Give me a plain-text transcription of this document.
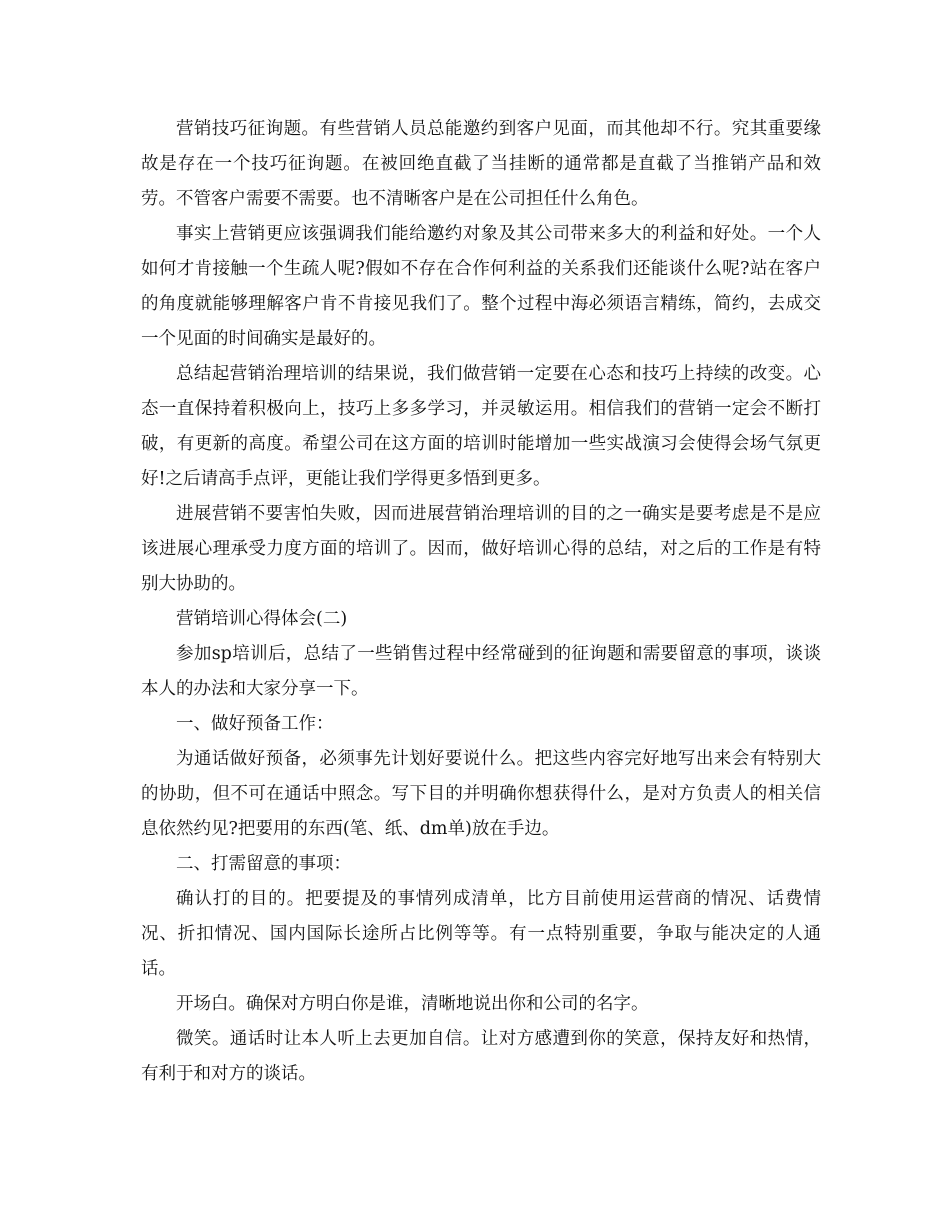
营销技巧征询题。有些营销人员总能邀约到客户见面，而其他却不行。究其重要缘故是存在一个技巧征询题。在被回绝直截了当挂断的通常都是直截了当推销产品和效劳。不管客户需要不需要。也不清晰客户是在公司担任什么角色。

事实上营销更应该强调我们能给邀约对象及其公司带来多大的利益和好处。一个人如何才肯接触一个生疏人呢?假如不存在合作何利益的关系我们还能谈什么呢?站在客户的角度就能够理解客户肯不肯接见我们了。整个过程中海必须语言精练，简约，去成交一个见面的时间确实是最好的。

总结起营销治理培训的结果说，我们做营销一定要在心态和技巧上持续的改变。心态一直保持着积极向上，技巧上多多学习，并灵敏运用。相信我们的营销一定会不断打破，有更新的高度。希望公司在这方面的培训时能增加一些实战演习会使得会场气氛更好!之后请高手点评，更能让我们学得更多悟到更多。

进展营销不要害怕失败，因而进展营销治理培训的目的之一确实是要考虑是不是应该进展心理承受力度方面的培训了。因而，做好培训心得的总结，对之后的工作是有特别大协助的。

营销培训心得体会(二)

参加sp培训后，总结了一些销售过程中经常碰到的征询题和需要留意的事项，谈谈本人的办法和大家分享一下。

一、做好预备工作：

为通话做好预备，必须事先计划好要说什么。把这些内容完好地写出来会有特别大的协助，但不可在通话中照念。写下目的并明确你想获得什么，是对方负责人的相关信息依然约见?把要用的东西(笔、纸、dm单)放在手边。

二、打需留意的事项：

确认打的目的。把要提及的事情列成清单，比方目前使用运营商的情况、话费情况、折扣情况、国内国际长途所占比例等等。有一点特别重要，争取与能决定的人通话。

开场白。确保对方明白你是谁，清晰地说出你和公司的名字。

微笑。通话时让本人听上去更加自信。让对方感遭到你的笑意，保持友好和热情，有利于和对方的谈话。
